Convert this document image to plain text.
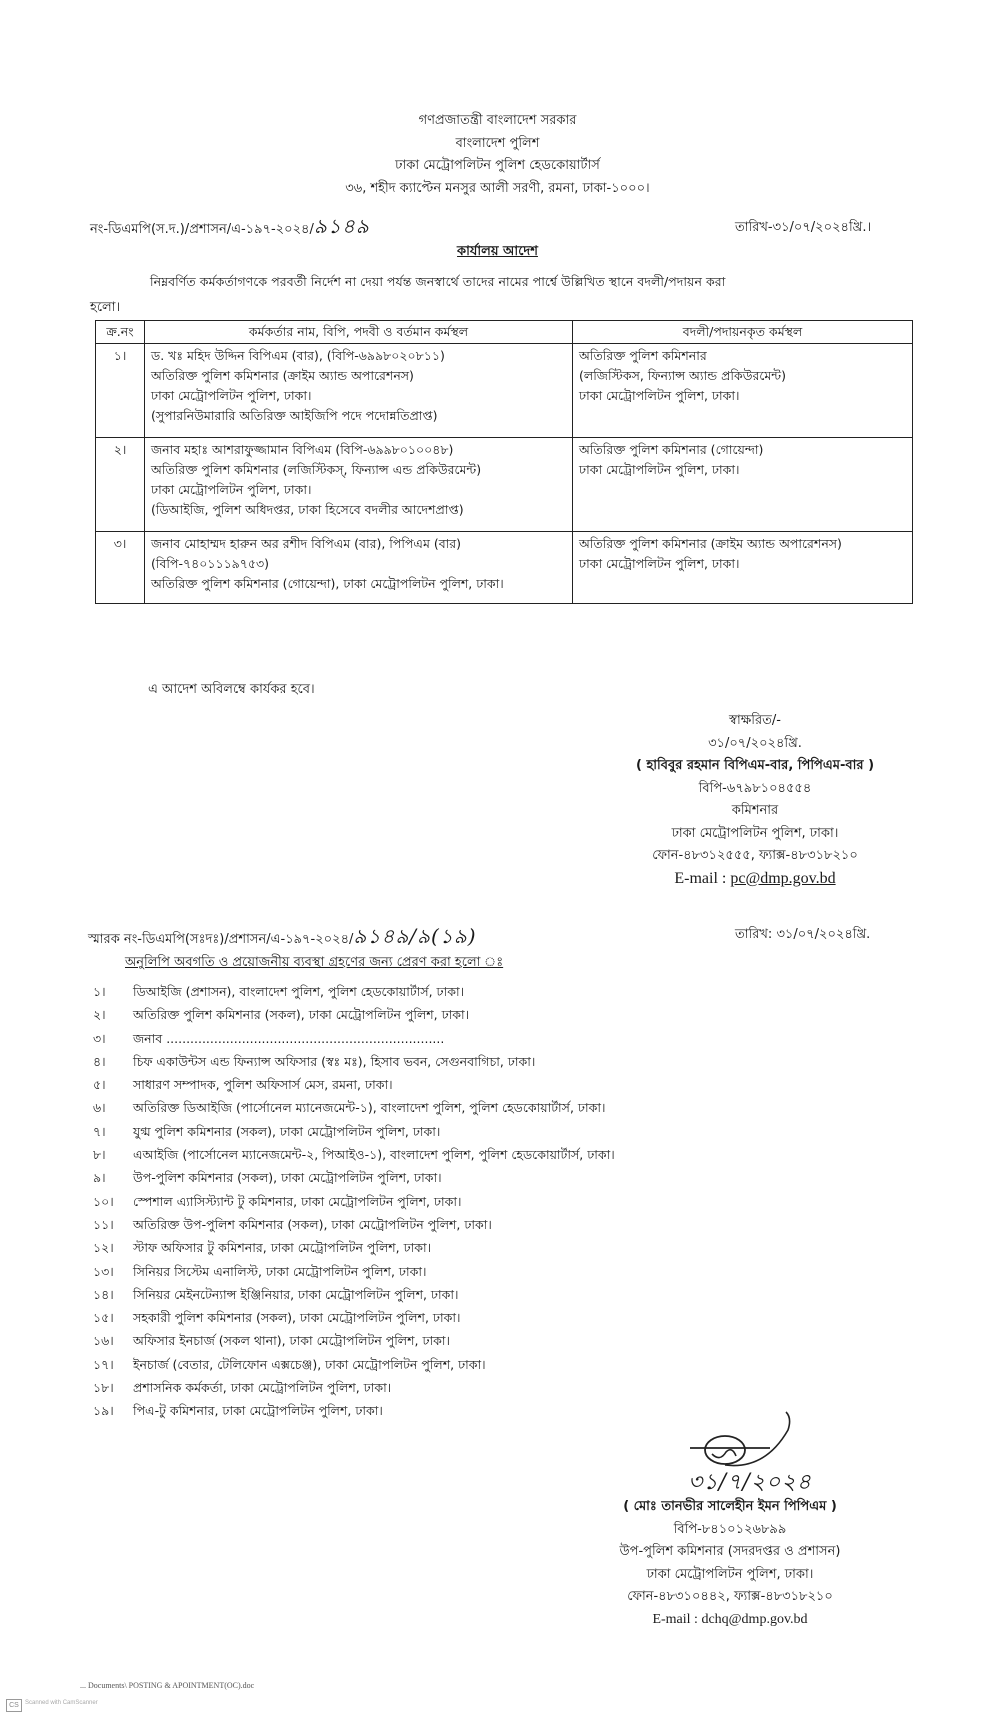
গণপ্রজাতন্ত্রী বাংলাদেশ সরকার
বাংলাদেশ পুলিশ
ঢাকা মেট্রোপলিটন পুলিশ হেডকোয়ার্টার্স
৩৬, শহীদ ক্যাপ্টেন মনসুর আলী সরণী, রমনা, ঢাকা-১০০০।
নং-ডিএমপি(স.দ.)/প্রশাসন/এ-১৯৭-২০২৪/৯১৪৯	তারিখ-৩১/০৭/২০২৪খ্রি.।
কার্যালয় আদেশ
নিম্নবর্ণিত কর্মকর্তাগণকে পরবর্তী নির্দেশ না দেয়া পর্যন্ত জনস্বার্থে তাদের নামের পার্শ্বে উল্লিখিত স্থানে বদলী/পদায়ন করা
হলো।
ক্র.নং	কর্মকর্তার নাম, বিপি, পদবী ও বর্তমান কর্মস্থল	বদলী/পদায়নকৃত কর্মস্থল
১।	ড. খঃ মহিদ উদ্দিন বিপিএম (বার), (বিপি-৬৯৯৮০২০৮১১)
অতিরিক্ত পুলিশ কমিশনার (ক্রাইম অ্যান্ড অপারেশনস)
ঢাকা মেট্রোপলিটন পুলিশ, ঢাকা।
(সুপারনিউমারারি অতিরিক্ত আইজিপি পদে পদোন্নতিপ্রাপ্ত)	অতিরিক্ত পুলিশ কমিশনার
(লজিস্টিকস, ফিন্যান্স অ্যান্ড প্রকিউরমেন্ট)
ঢাকা মেট্রোপলিটন পুলিশ, ঢাকা।

২।	জনাব মহাঃ আশরাফুজ্জামান বিপিএম (বিপি-৬৯৯৮০১০০৪৮)
অতিরিক্ত পুলিশ কমিশনার (লজিস্টিকস্, ফিন্যান্স এন্ড প্রকিউরমেন্ট)
ঢাকা মেট্রোপলিটন পুলিশ, ঢাকা।
(ডিআইজি, পুলিশ অধিদপ্তর, ঢাকা হিসেবে বদলীর আদেশপ্রাপ্ত)	অতিরিক্ত পুলিশ কমিশনার (গোয়েন্দা)
ঢাকা মেট্রোপলিটন পুলিশ, ঢাকা।

৩।	জনাব মোহাম্মদ হারুন অর রশীদ বিপিএম (বার), পিপিএম (বার)
(বিপি-৭৪০১১১৯৭৫৩)
অতিরিক্ত পুলিশ কমিশনার (গোয়েন্দা), ঢাকা মেট্রোপলিটন পুলিশ, ঢাকা।	অতিরিক্ত পুলিশ কমিশনার (ক্রাইম অ্যান্ড অপারেশনস)
ঢাকা মেট্রোপলিটন পুলিশ, ঢাকা।
এ আদেশ অবিলম্বে কার্যকর হবে।
স্বাক্ষরিত/-
৩১/০৭/২০২৪খ্রি.
( হাবিবুর রহমান বিপিএম-বার, পিপিএম-বার )
বিপি-৬৭৯৮১০৪৫৫৪
কমিশনার
ঢাকা মেট্রোপলিটন পুলিশ, ঢাকা।
ফোন-৪৮৩১২৫৫৫, ফ্যাক্স-৪৮৩১৮২১০
E-mail : pc@dmp.gov.bd
স্মারক নং-ডিএমপি(সঃদঃ)/প্রশাসন/এ-১৯৭-২০২৪/৯১৪৯/৯(১৯)	তারিখ: ৩১/০৭/২০২৪খ্রি.
অনুলিপি অবগতি ও প্রয়োজনীয় ব্যবস্থা গ্রহণের জন্য প্রেরণ করা হলো ঃ
১।	ডিআইজি (প্রশাসন), বাংলাদেশ পুলিশ, পুলিশ হেডকোয়ার্টার্স, ঢাকা।
২।	অতিরিক্ত পুলিশ কমিশনার (সকল), ঢাকা মেট্রোপলিটন পুলিশ, ঢাকা।
৩।	জনাব ......................................................................
৪।	চিফ একাউন্টস এন্ড ফিন্যান্স অফিসার (স্বঃ মঃ), হিসাব ভবন, সেগুনবাগিচা, ঢাকা।
৫।	সাধারণ সম্পাদক, পুলিশ অফিসার্স মেস, রমনা, ঢাকা।
৬।	অতিরিক্ত ডিআইজি (পার্সোনেল ম্যানেজমেন্ট-১), বাংলাদেশ পুলিশ, পুলিশ হেডকোয়ার্টার্স, ঢাকা।
৭।	যুগ্ম পুলিশ কমিশনার (সকল), ঢাকা মেট্রোপলিটন পুলিশ, ঢাকা।
৮।	এআইজি (পার্সোনেল ম্যানেজমেন্ট-২, পিআইও-১), বাংলাদেশ পুলিশ, পুলিশ হেডকোয়ার্টার্স, ঢাকা।
৯।	উপ-পুলিশ কমিশনার (সকল), ঢাকা মেট্রোপলিটন পুলিশ, ঢাকা।
১০।	স্পেশাল এ্যাসিস্ট্যান্ট টু কমিশনার, ঢাকা মেট্রোপলিটন পুলিশ, ঢাকা।
১১।	অতিরিক্ত উপ-পুলিশ কমিশনার (সকল), ঢাকা মেট্রোপলিটন পুলিশ, ঢাকা।
১২।	স্টাফ অফিসার টু কমিশনার, ঢাকা মেট্রোপলিটন পুলিশ, ঢাকা।
১৩।	সিনিয়র সিস্টেম এনালিস্ট, ঢাকা মেট্রোপলিটন পুলিশ, ঢাকা।
১৪।	সিনিয়র মেইনটেন্যান্স ইঞ্জিনিয়ার, ঢাকা মেট্রোপলিটন পুলিশ, ঢাকা।
১৫।	সহকারী পুলিশ কমিশনার (সকল), ঢাকা মেট্রোপলিটন পুলিশ, ঢাকা।
১৬।	অফিসার ইনচার্জ (সকল থানা), ঢাকা মেট্রোপলিটন পুলিশ, ঢাকা।
১৭।	ইনচার্জ (বেতার, টেলিফোন এক্সচেঞ্জ), ঢাকা মেট্রোপলিটন পুলিশ, ঢাকা।
১৮।	প্রশাসনিক কর্মকর্তা, ঢাকা মেট্রোপলিটন পুলিশ, ঢাকা।
১৯।	পিএ-টু কমিশনার, ঢাকা মেট্রোপলিটন পুলিশ, ঢাকা।
৩১/৭/২০২৪
( মোঃ তানভীর সালেহীন ইমন পিপিএম )
বিপি-৮৪১০১২৬৮৯৯
উপ-পুলিশ কমিশনার (সদরদপ্তর ও প্রশাসন)
ঢাকা মেট্রোপলিটন পুলিশ, ঢাকা।
ফোন-৪৮৩১০৪৪২, ফ্যাক্স-৪৮৩১৮২১০
E-mail : dchq@dmp.gov.bd
... Documents\ POSTING & APOINTMENT(OC).doc
CS	Scanned with CamScanner
